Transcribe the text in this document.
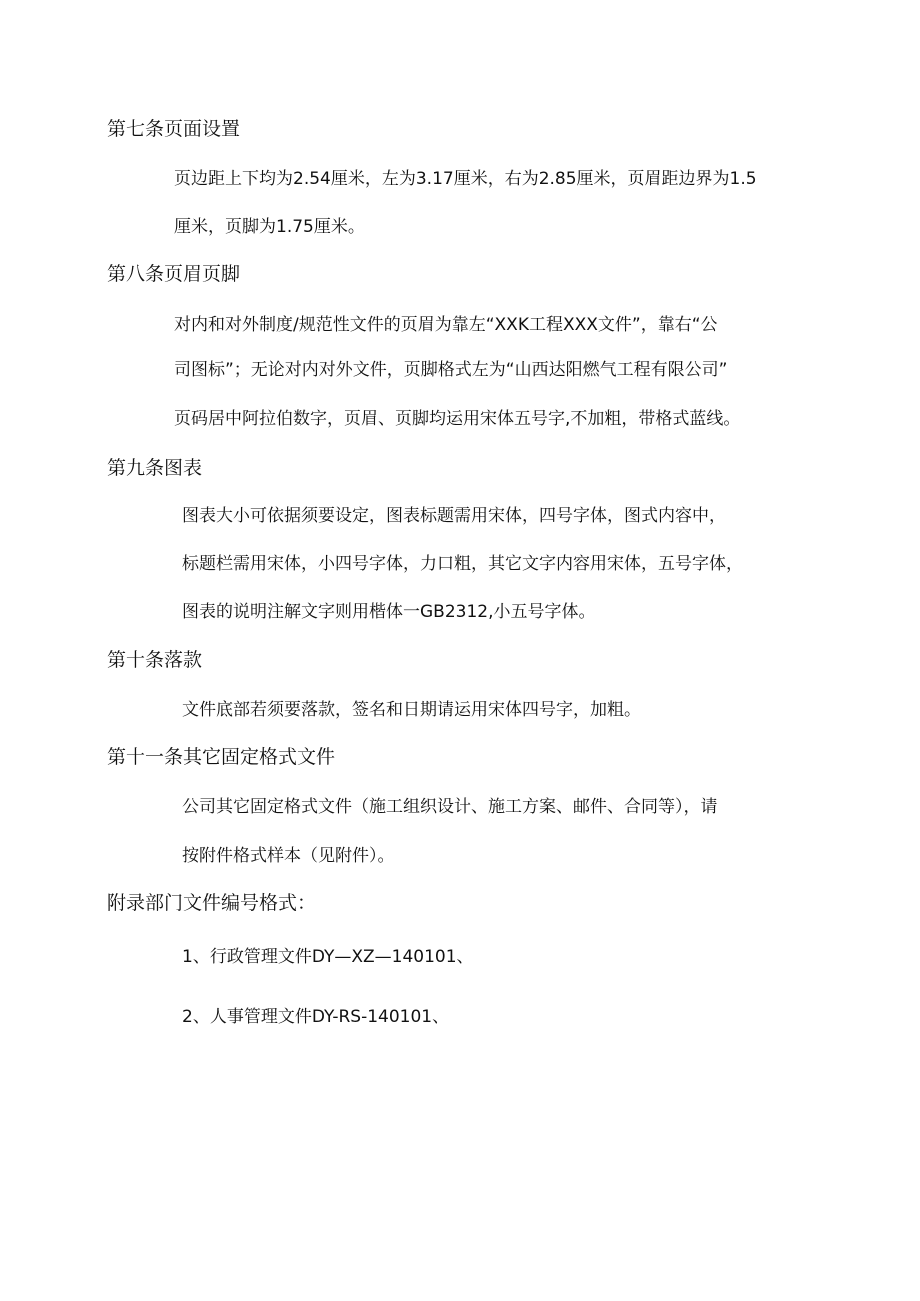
第七条页面设置

页边距上下均为2.54厘米，左为3.17厘米，右为2.85厘米，页眉距边界为1.5

厘米，页脚为1.75厘米。

第八条页眉页脚

对内和对外制度/规范性文件的页眉为靠左“XXK工程XXX文件”，靠右“公

司图标”；无论对内对外文件，页脚格式左为“山西达阳燃气工程有限公司”

页码居中阿拉伯数字，页眉、页脚均运用宋体五号字,不加粗，带格式蓝线。

第九条图表

图表大小可依据须要设定，图表标题需用宋体，四号字体，图式内容中，

标题栏需用宋体，小四号字体，力口粗，其它文字内容用宋体，五号字体，

图表的说明注解文字则用楷体一GB2312,小五号字体。

第十条落款

文件底部若须要落款，签名和日期请运用宋体四号字，加粗。

第十一条其它固定格式文件

公司其它固定格式文件（施工组织设计、施工方案、邮件、合同等），请

按附件格式样本（见附件）。

附录部门文件编号格式：

1、行政管理文件DY—XZ—140101、

2、人事管理文件DY-RS-140101、
